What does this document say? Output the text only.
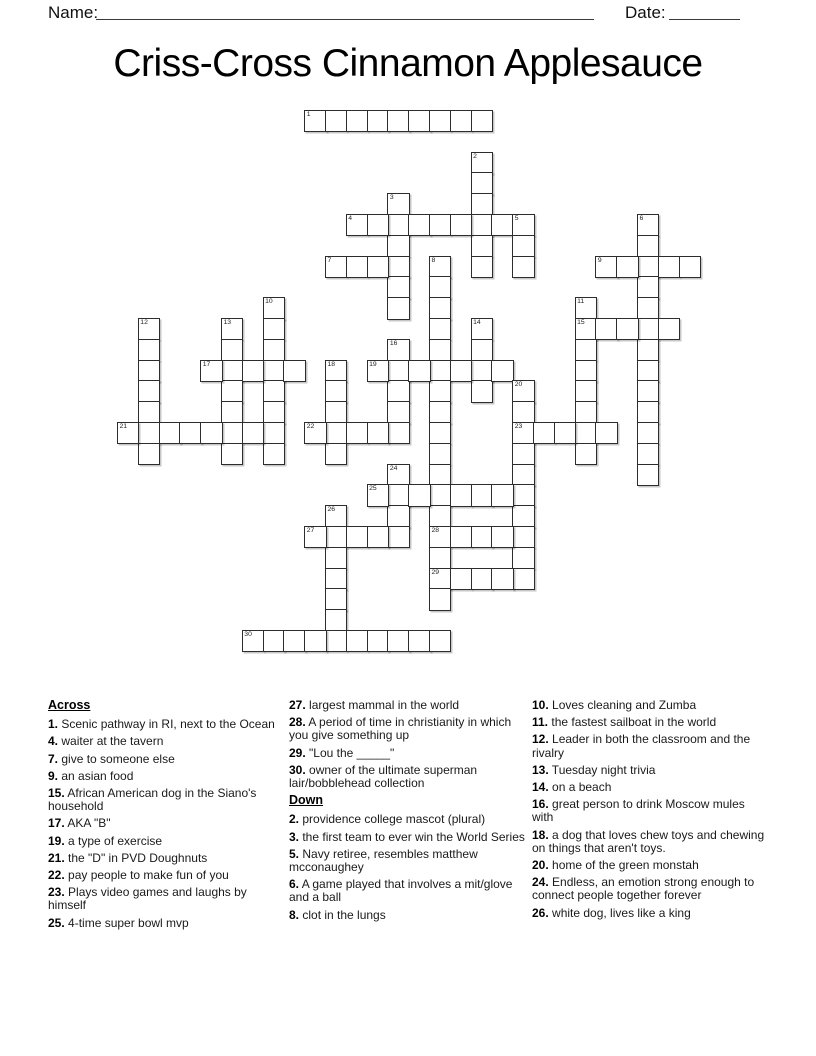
Name:	Date:
Criss-Cross Cinnamon Applesauce
1
2
3
4	5	6
7	8
28
29
9
10	11
15
12	13	14
16
17	18	19
20
23
21	22
24
25
26
27
30
Across
1. Scenic pathway in RI, next to the Ocean
4. waiter at the tavern
7. give to someone else
9. an asian food
15. African American dog in the Siano's household
17. AKA "B"
19. a type of exercise
21. the "D" in PVD Doughnuts
22. pay people to make fun of you
23. Plays video games and laughs by himself
25. 4-time super bowl mvp
27. largest mammal in the world
28. A period of time in christianity in which you give something up
29. "Lou the _____"
30. owner of the ultimate superman lair/bobblehead collection
Down
2. providence college mascot (plural)
3. the first team to ever win the World Series
5. Navy retiree, resembles matthew mcconaughey
6. A game played that involves a mit/glove and a ball
8. clot in the lungs
10. Loves cleaning and Zumba
11. the fastest sailboat in the world
12. Leader in both the classroom and the rivalry
13. Tuesday night trivia
14. on a beach
16. great person to drink Moscow mules with
18. a dog that loves chew toys and chewing on things that aren't toys.
20. home of the green monstah
24. Endless, an emotion strong enough to connect people together forever
26. white dog, lives like a king
